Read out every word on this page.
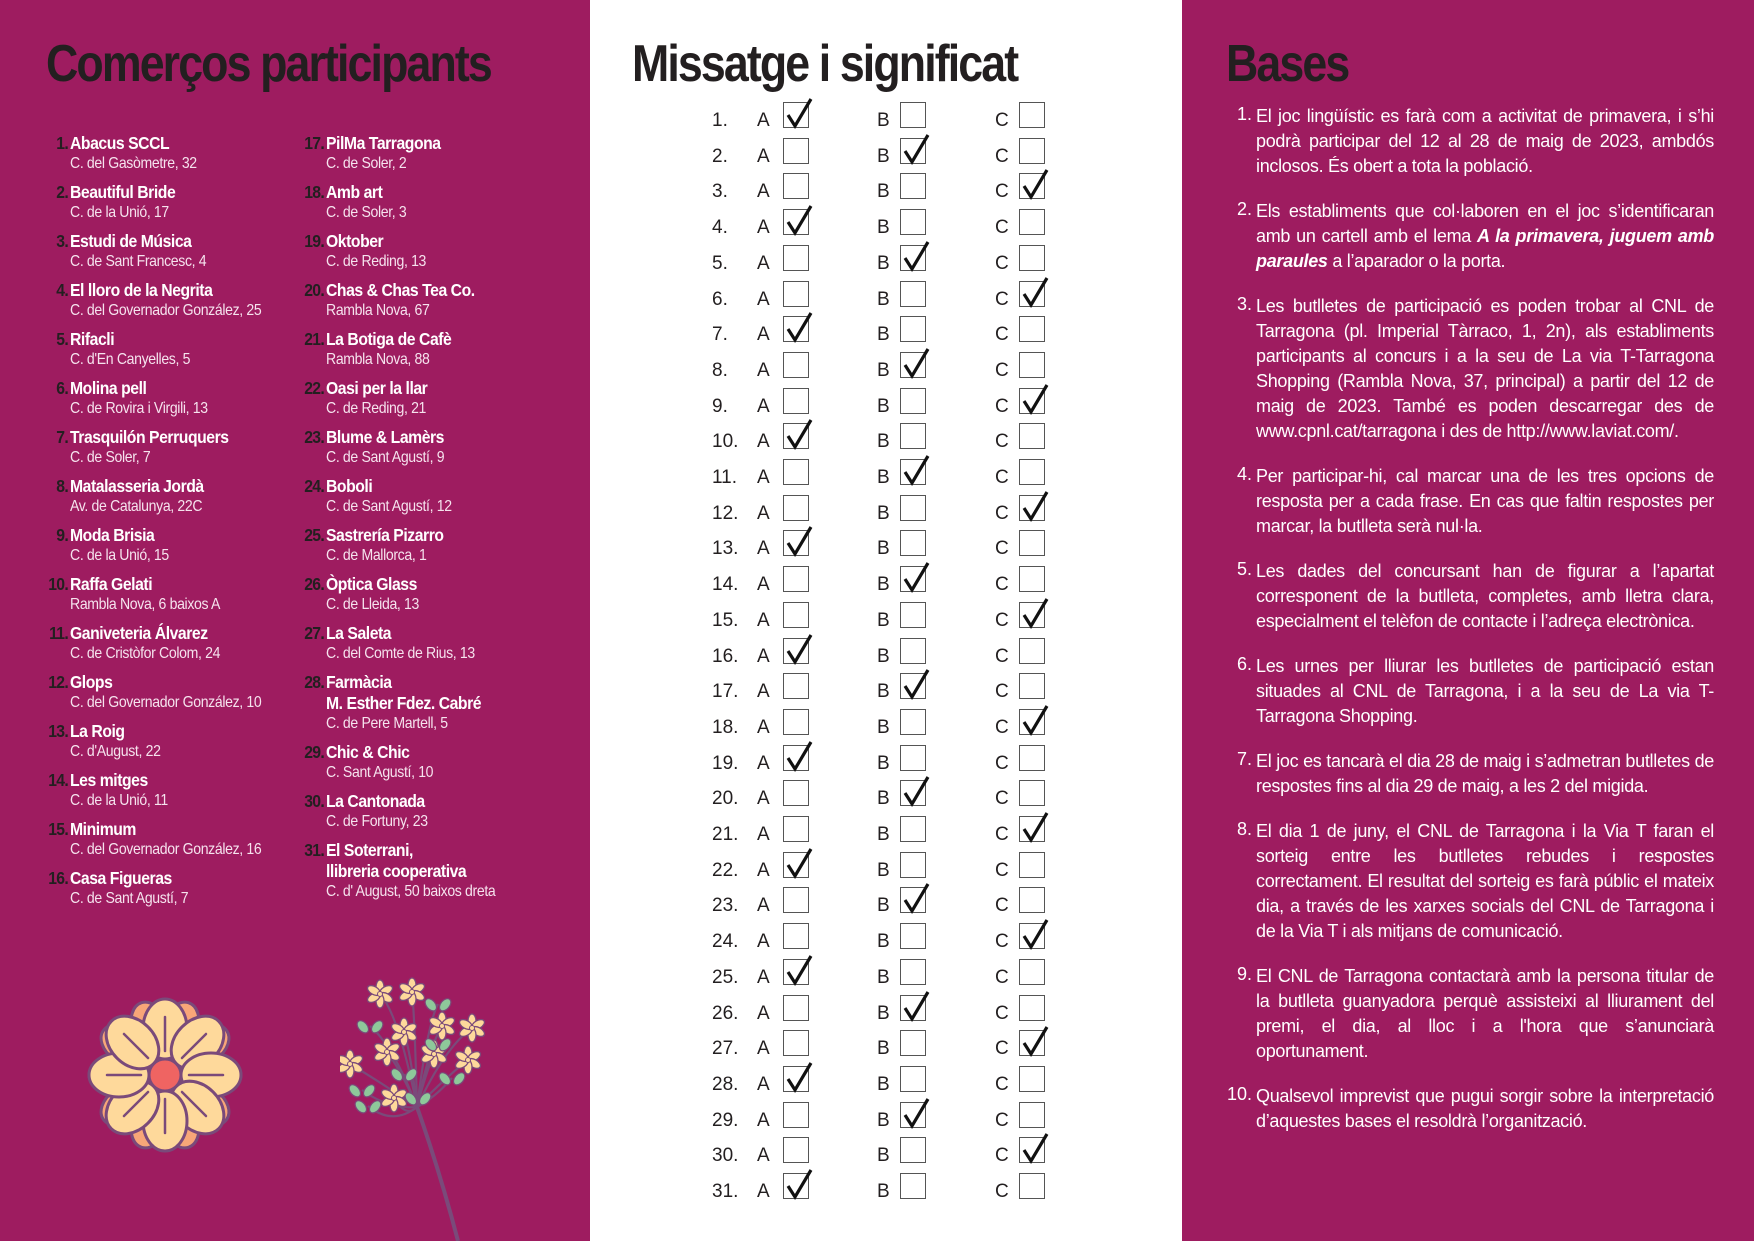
Comerços participants
1. Abacus SCCL
C. del Gasòmetre, 32
2. Beautiful Bride
C. de la Unió, 17
3. Estudi de Música
C. de Sant Francesc, 4
4. El lloro de la Negrita
C. del Governador González, 25
5. Rifacli
C. d'En Canyelles, 5
6. Molina pell
C. de Rovira i Virgili, 13
7. Trasquilón Perruquers
C. de Soler, 7
8. Matalasseria Jordà
Av. de Catalunya, 22C
9. Moda Brisia
C. de la Unió, 15
10. Raffa Gelati
Rambla Nova, 6 baixos A
11. Ganiveteria Álvarez
C. de Cristòfor Colom, 24
12. Glops
C. del Governador González, 10
13. La Roig
C. d'August, 22
14. Les mitges
C. de la Unió, 11
15. Minimum
C. del Governador González, 16
16. Casa Figueras
C. de Sant Agustí, 7
17. PilMa Tarragona
C. de Soler, 2
18. Amb art
C. de Soler, 3
19. Oktober
C. de Reding, 13
20. Chas & Chas Tea Co.
Rambla Nova, 67
21. La Botiga de Cafè
Rambla Nova, 88
22. Oasi per la llar
C. de Reding, 21
23. Blume & Lamèrs
C. de Sant Agustí, 9
24. Boboli
C. de Sant Agustí, 12
25. Sastrería Pizarro
C. de Mallorca, 1
26. Òptica Glass
C. de Lleida, 13
27. La Saleta
C. del Comte de Rius, 13
28. Farmàcia
M. Esther Fdez. Cabré
C. de Pere Martell, 5
29. Chic & Chic
C. Sant Agustí, 10
30. La Cantonada
C. de Fortuny, 23
31. El Soterrani,
llibreria cooperativa
C. d' August, 50 baixos dreta
Missatge i significat
1.	A	B	C
2.	A	B	C
3.	A	B	C
4.	A	B	C
5.	A	B	C
6.	A	B	C
7.	A	B	C
8.	A	B	C
9.	A	B	C
10. A	B	C
11.	A	B	C
12. A	B	C
13. A	B	C
14. A	B	C
15. A	B	C
16. A	B	C
17. A	B	C
18. A	B	C
19. A	B	C
20. A	B	C
21. A	B	C
22. A	B	C
23. A	B	C
24. A	B	C
25. A	B	C
26. A	B	C
27. A	B	C
28. A	B	C
29. A	B	C
30. A	B	C
31. A	B	C
Bases
1. El joc lingüístic es farà com a activitat de primavera, i s’hi podrà participar del 12 al 28 de maig de 2023, ambdós inclosos. És obert a tota la població.
2. Els establiments que col·laboren en el joc s’identificaran amb un cartell amb el lema A la primavera, juguem amb paraules a l’aparador o la porta.
3. Les butlletes de participació es poden trobar al CNL de Tarragona (pl. Imperial Tàrraco, 1, 2n), als establiments participants al concurs i a la seu de La via T-Tarragona Shopping (Rambla Nova, 37, principal) a partir del 12 de maig de 2023. També es poden descarregar des de www.cpnl.cat/tarragona i des de http://www.laviat.com/.
4. Per participar-hi, cal marcar una de les tres opcions de resposta per a cada frase. En cas que faltin respostes per marcar, la butlleta serà nul·la.
5. Les dades del concursant han de figurar a l’apartat corresponent de la butlleta, completes, amb lletra clara, especialment el telèfon de contacte i l’adreça electrònica.
6. Les urnes per lliurar les butlletes de participació estan situades al CNL de Tarragona, i a la seu de La via T-Tarragona Shopping.
7. El joc es tancarà el dia 28 de maig i s’admetran butlletes de respostes fins al dia 29 de maig, a les 2 del migida.
8. El dia 1 de juny, el CNL de Tarragona i la Via T faran el sorteig entre les butlletes rebudes i respostes correctament. El resultat del sorteig es farà públic el mateix dia, a través de les xarxes socials del CNL de Tarragona i de la Via T i als mitjans de comunicació.
9. El CNL de Tarragona contactarà amb la persona titular de la butlleta guanyadora perquè assisteixi al lliurament del premi, el dia, al lloc i a l'hora que s’anunciarà oportunament.
10. Qualsevol imprevist que pugui sorgir sobre la interpretació d’aquestes bases el resoldrà l’organització.
